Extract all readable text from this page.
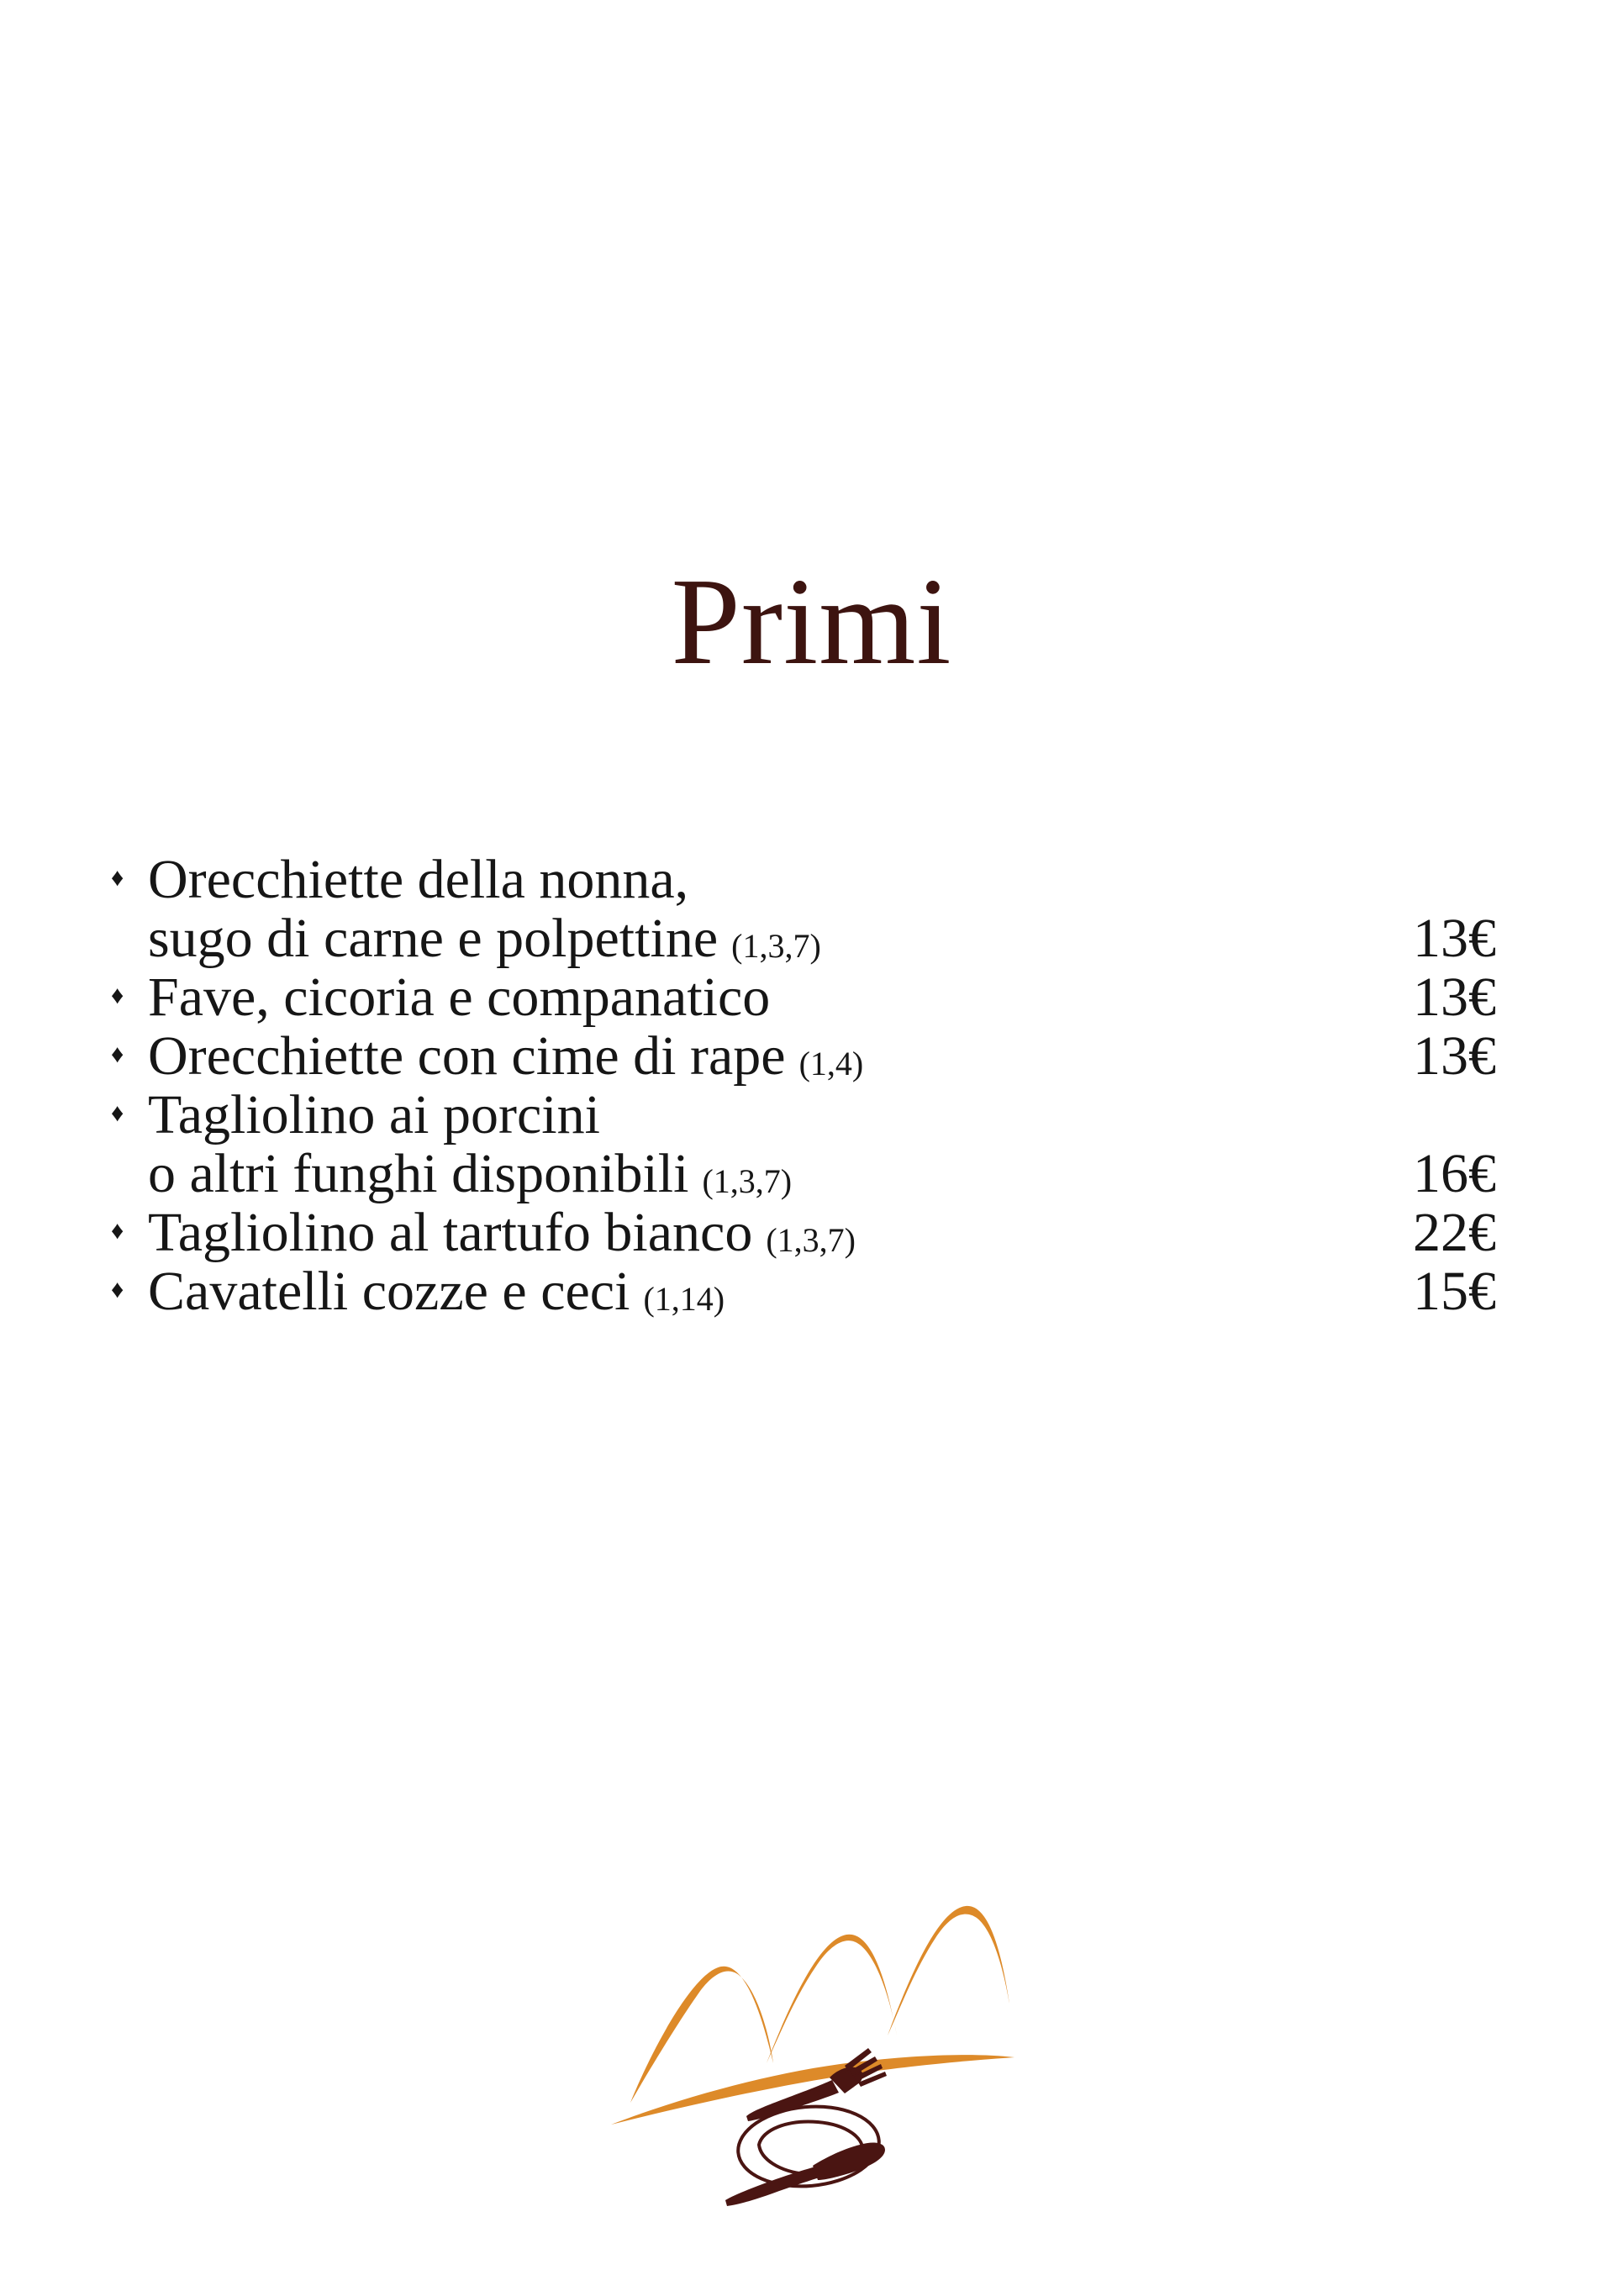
Primi
♦ Orecchiette della nonna,
sugo di carne e polpettine (1,3,7)	13€
♦ Fave, cicoria e companatico	13€
♦ Orecchiette con cime di rape (1,4)	13€
♦ Tagliolino ai porcini
o altri funghi disponibili (1,3,7)	16€
♦ Tagliolino al tartufo bianco (1,3,7)	22€
♦ Cavatelli cozze e ceci (1,14)	15€
